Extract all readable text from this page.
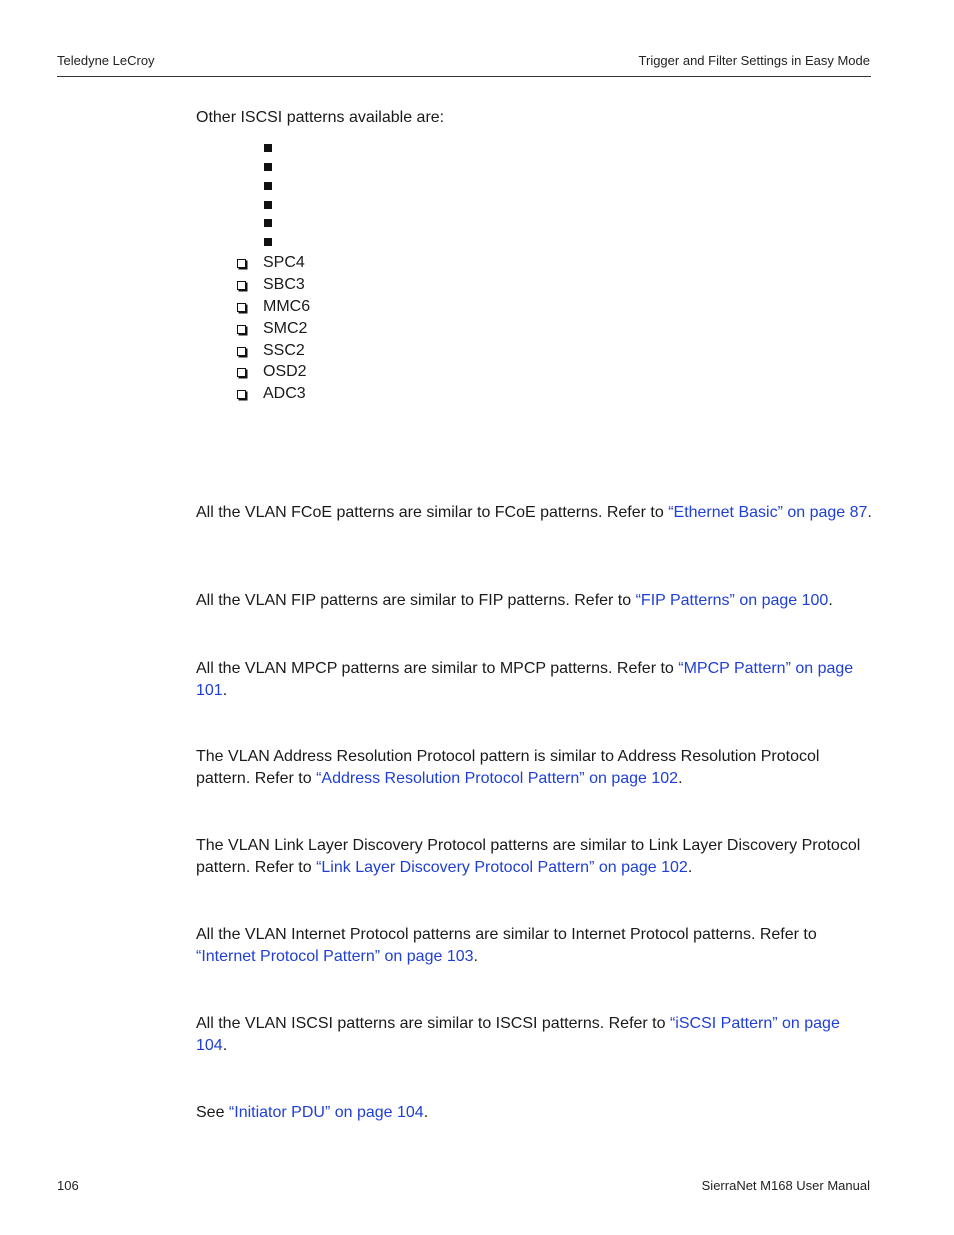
Teledyne LeCroy	Trigger and Filter Settings in Easy Mode
Other ISCSI patterns available are:
SPC4
SBC3
MMC6
SMC2
SSC2
OSD2
ADC3
All the VLAN FCoE patterns are similar to FCoE patterns. Refer to “Ethernet Basic” on page 87.
All the VLAN FIP patterns are similar to FIP patterns. Refer to “FIP Patterns” on page 100.
All the VLAN MPCP patterns are similar to MPCP patterns. Refer to “MPCP Pattern” on page 101.
The VLAN Address Resolution Protocol pattern is similar to Address Resolution Protocol pattern. Refer to “Address Resolution Protocol Pattern” on page 102.
The VLAN Link Layer Discovery Protocol patterns are similar to Link Layer Discovery Protocol pattern. Refer to “Link Layer Discovery Protocol Pattern” on page 102.
All the VLAN Internet Protocol patterns are similar to Internet Protocol patterns. Refer to “Internet Protocol Pattern” on page 103.
All the VLAN ISCSI patterns are similar to ISCSI patterns. Refer to “iSCSI Pattern” on page 104.
See “Initiator PDU” on page 104.
106	SierraNet M168 User Manual
